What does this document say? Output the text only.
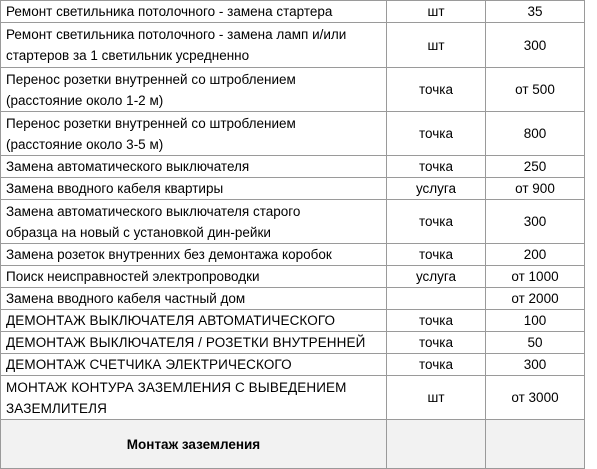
Ремонт светильника потолочного - замена стартера	шт	35
Ремонт светильника потолочного - замена ламп и/или
стартеров за 1 светильник усредненно	шт	300
Перенос розетки внутренней со штроблением
(расстояние около 1-2 м)	точка	от 500
Перенос розетки внутренней со штроблением
(расстояние около 3-5 м)	точка	800
Замена автоматического выключателя	точка	250
Замена вводного кабеля квартиры	услуга	от 900
Замена автоматического выключателя старого
образца на новый с установкой дин-рейки	точка	300
Замена розеток внутренних без демонтажа коробок	точка	200
Поиск неисправностей электропроводки	услуга	от 1000
Замена вводного кабеля частный дом		от 2000
ДЕМОНТАЖ ВЫКЛЮЧАТЕЛЯ АВТОМАТИЧЕСКОГО	точка	100
ДЕМОНТАЖ ВЫКЛЮЧАТЕЛЯ / РОЗЕТКИ ВНУТРЕННЕЙ	точка	50
ДЕМОНТАЖ СЧЕТЧИКА ЭЛЕКТРИЧЕСКОГО	точка	300
МОНТАЖ КОНТУРА ЗАЗЕМЛЕНИЯ С ВЫВЕДЕНИЕМ
ЗАЗЕМЛИТЕЛЯ	шт	от 3000
Монтаж заземления		
